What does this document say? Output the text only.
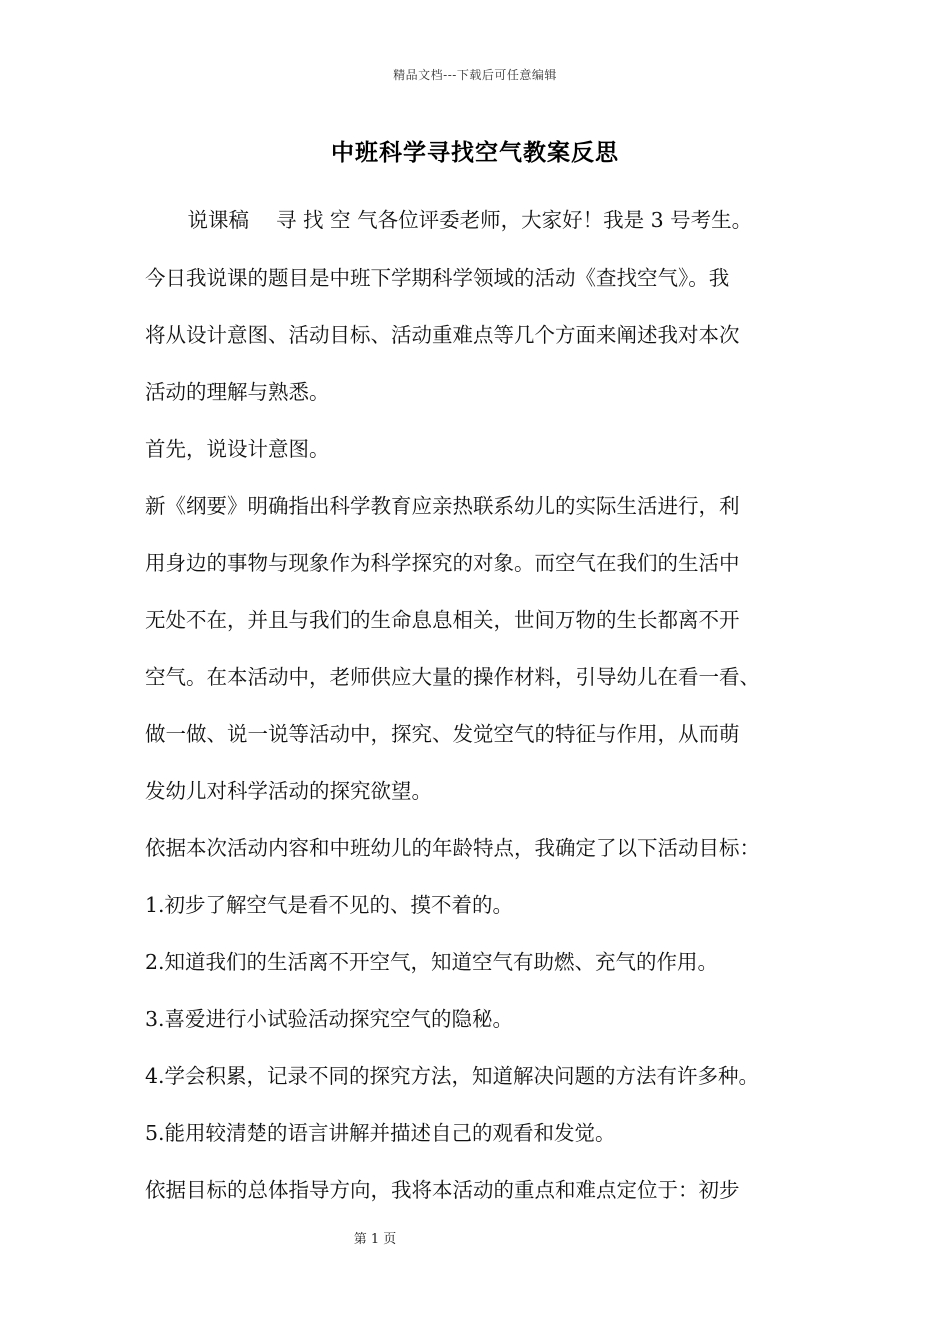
精品文档---下载后可任意编辑
中班科学寻找空气教案反思
　说课稿　 寻 找 空 气各位评委老师，大家好！我是 3 号考生。
今日我说课的题目是中班下学期科学领域的活动《查找空气》。我
将从设计意图、活动目标、活动重难点等几个方面来阐述我对本次
活动的理解与熟悉。
首先，说设计意图。
新《纲要》明确指出科学教育应亲热联系幼儿的实际生活进行，利
用身边的事物与现象作为科学探究的对象。而空气在我们的生活中
无处不在，并且与我们的生命息息相关，世间万物的生长都离不开
空气。在本活动中，老师供应大量的操作材料，引导幼儿在看一看、
做一做、说一说等活动中，探究、发觉空气的特征与作用，从而萌
发幼儿对科学活动的探究欲望。
依据本次活动内容和中班幼儿的年龄特点，我确定了以下活动目标：
1.初步了解空气是看不见的、摸不着的。
2.知道我们的生活离不开空气，知道空气有助燃、充气的作用。
3.喜爱进行小试验活动探究空气的隐秘。
4.学会积累，记录不同的探究方法，知道解决问题的方法有许多种。
5.能用较清楚的语言讲解并描述自己的观看和发觉。
依据目标的总体指导方向，我将本活动的重点和难点定位于：初步
第 1 页
